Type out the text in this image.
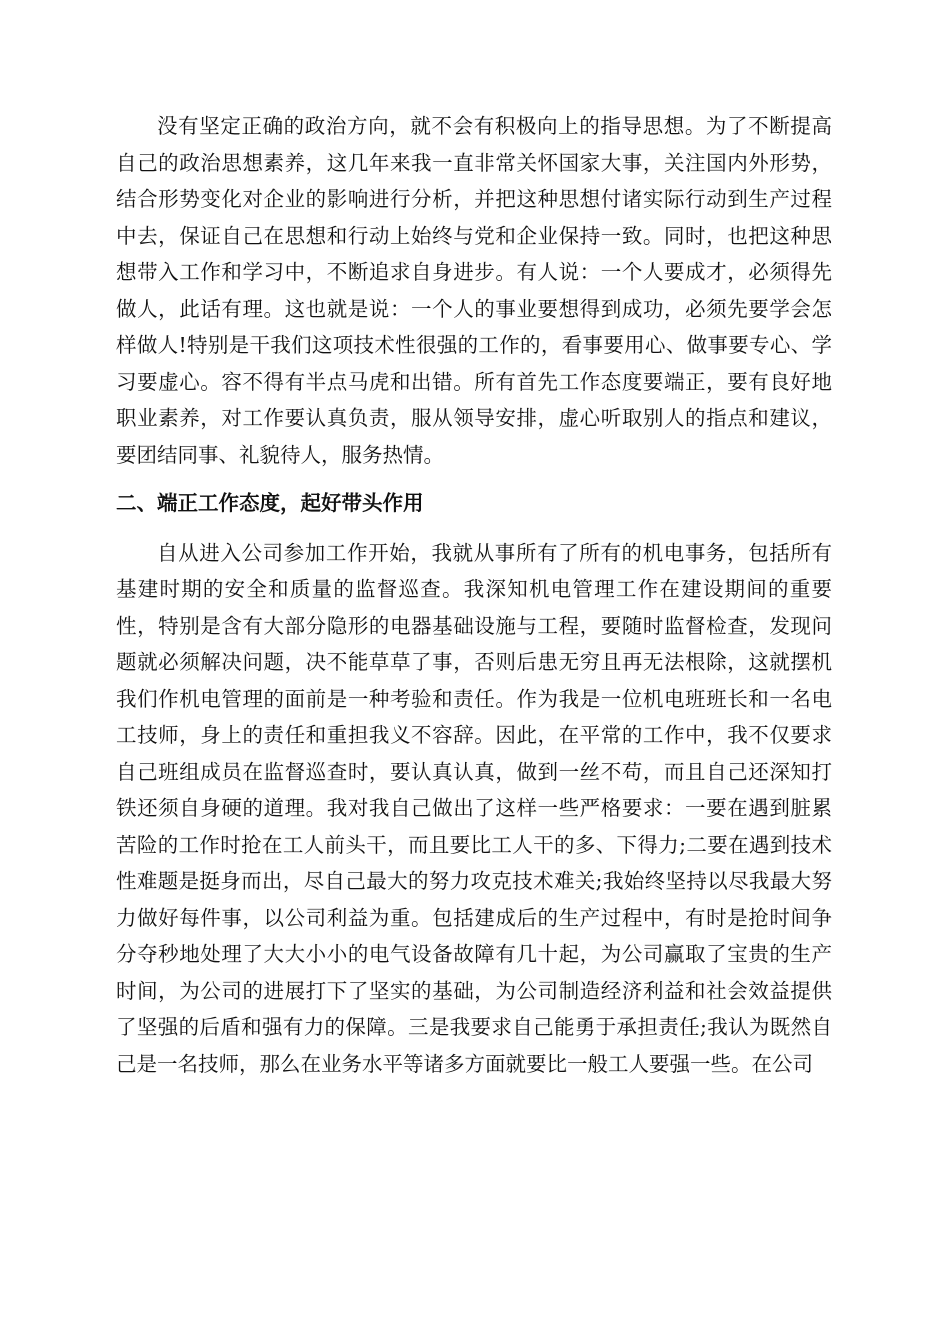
没有坚定正确的政治方向，就不会有积极向上的指导思想。为了不断提高自己的政治思想素养，这几年来我一直非常关怀国家大事，关注国内外形势，结合形势变化对企业的影响进行分析，并把这种思想付诸实际行动到生产过程中去，保证自己在思想和行动上始终与党和企业保持一致。同时，也把这种思想带入工作和学习中，不断追求自身进步。有人说：一个人要成才，必须得先做人，此话有理。这也就是说：一个人的事业要想得到成功，必须先要学会怎样做人!特别是干我们这项技术性很强的工作的，看事要用心、做事要专心、学习要虚心。容不得有半点马虎和出错。所有首先工作态度要端正，要有良好地职业素养，对工作要认真负责，服从领导安排，虚心听取别人的指点和建议，要团结同事、礼貌待人，服务热情。

二、端正工作态度，起好带头作用

自从进入公司参加工作开始，我就从事所有了所有的机电事务，包括所有基建时期的安全和质量的监督巡查。我深知机电管理工作在建设期间的重要性，特别是含有大部分隐形的电器基础设施与工程，要随时监督检查，发现问题就必须解决问题，决不能草草了事，否则后患无穷且再无法根除，这就摆机我们作机电管理的面前是一种考验和责任。作为我是一位机电班班长和一名电工技师，身上的责任和重担我义不容辞。因此，在平常的工作中，我不仅要求自己班组成员在监督巡查时，要认真认真，做到一丝不苟，而且自己还深知打铁还须自身硬的道理。我对我自己做出了这样一些严格要求：一要在遇到脏累苦险的工作时抢在工人前头干，而且要比工人干的多、下得力;二要在遇到技术性难题是挺身而出，尽自己最大的努力攻克技术难关;我始终坚持以尽我最大努力做好每件事，以公司利益为重。包括建成后的生产过程中，有时是抢时间争分夺秒地处理了大大小小的电气设备故障有几十起，为公司赢取了宝贵的生产时间，为公司的进展打下了坚实的基础，为公司制造经济利益和社会效益提供了坚强的后盾和强有力的保障。三是我要求自己能勇于承担责任;我认为既然自己是一名技师，那么在业务水平等诸多方面就要比一般工人要强一些。在公司
